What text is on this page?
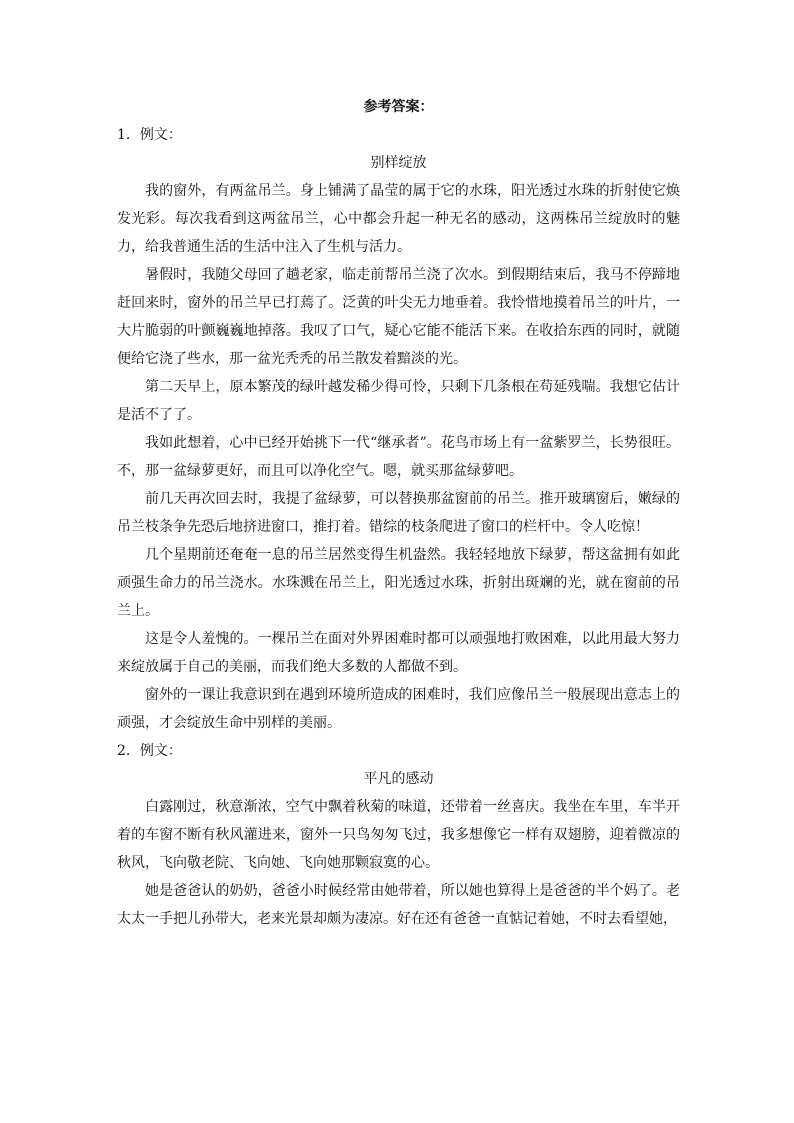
参考答案：

1．例文：

别样绽放

我的窗外，有两盆吊兰。身上铺满了晶莹的属于它的水珠，阳光透过水珠的折射使它焕发光彩。每次我看到这两盆吊兰，心中都会升起一种无名的感动，这两株吊兰绽放时的魅力，给我普通生活的生活中注入了生机与活力。

暑假时，我随父母回了趟老家，临走前帮吊兰浇了次水。到假期结束后，我马不停蹄地赶回来时，窗外的吊兰早已打蔫了。泛黄的叶尖无力地垂着。我怜惜地摸着吊兰的叶片，一大片脆弱的叶颤巍巍地掉落。我叹了口气，疑心它能不能活下来。在收拾东西的同时，就随便给它浇了些水，那一盆光秃秃的吊兰散发着黯淡的光。

第二天早上，原本繁茂的绿叶越发稀少得可怜，只剩下几条根在苟延残喘。我想它估计是活不了了。

我如此想着，心中已经开始挑下一代“继承者”。花鸟市场上有一盆紫罗兰，长势很旺。不，那一盆绿萝更好，而且可以净化空气。嗯，就买那盆绿萝吧。

前几天再次回去时，我提了盆绿萝，可以替换那盆窗前的吊兰。推开玻璃窗后，嫩绿的吊兰枝条争先恐后地挤进窗口，推打着。错综的枝条爬进了窗口的栏杆中。令人吃惊！

几个星期前还奄奄一息的吊兰居然变得生机盎然。我轻轻地放下绿萝，帮这盆拥有如此顽强生命力的吊兰浇水。水珠溅在吊兰上，阳光透过水珠，折射出斑斓的光，就在窗前的吊兰上。

这是令人羞愧的。一棵吊兰在面对外界困难时都可以顽强地打败困难，以此用最大努力来绽放属于自己的美丽，而我们绝大多数的人都做不到。

窗外的一课让我意识到在遇到环境所造成的困难时，我们应像吊兰一般展现出意志上的顽强，才会绽放生命中别样的美丽。

2．例文：

平凡的感动

白露刚过，秋意渐浓，空气中飘着秋菊的味道，还带着一丝喜庆。我坐在车里，车半开着的车窗不断有秋风灌进来，窗外一只鸟匆匆飞过，我多想像它一样有双翅膀，迎着微凉的秋风，飞向敬老院、飞向她、飞向她那颗寂寞的心。

她是爸爸认的奶奶，爸爸小时候经常由她带着，所以她也算得上是爸爸的半个妈了。老太太一手把儿孙带大，老来光景却颇为凄凉。好在还有爸爸一直惦记着她，不时去看望她，
